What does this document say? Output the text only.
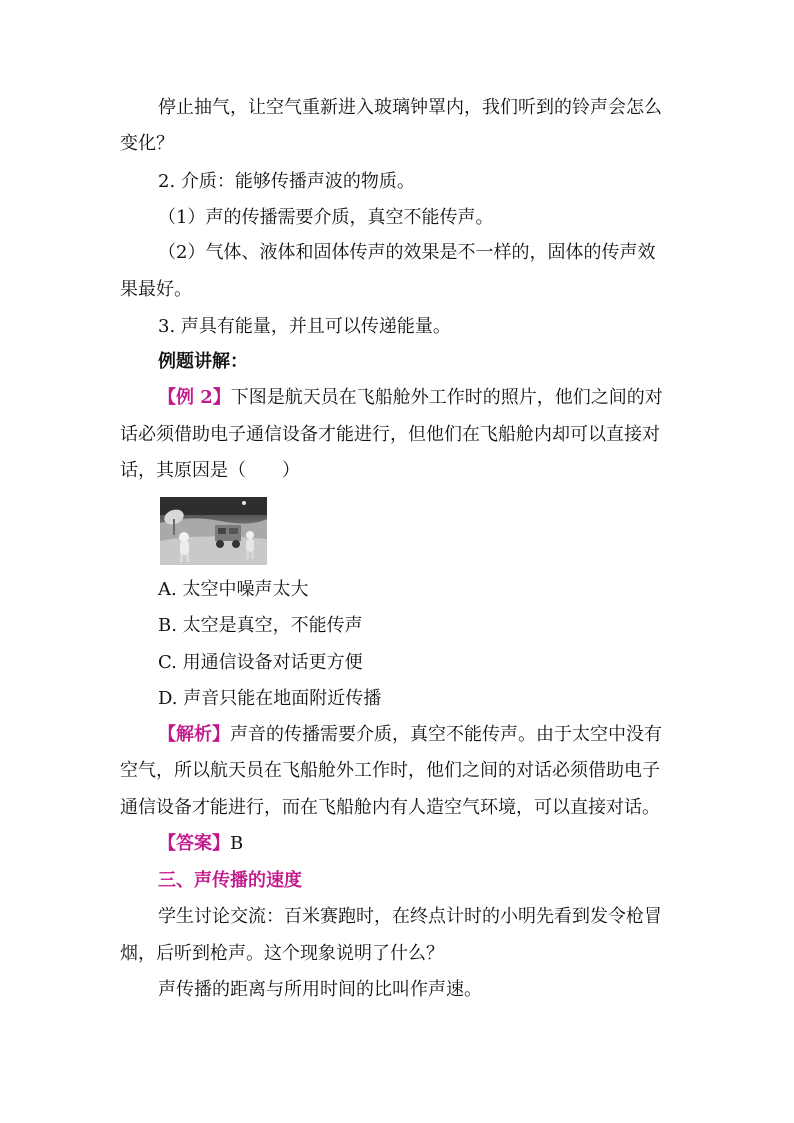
停止抽气，让空气重新进入玻璃钟罩内，我们听到的铃声会怎么
变化？
2. 介质：能够传播声波的物质。
（1）声的传播需要介质，真空不能传声。
（2）气体、液体和固体传声的效果是不一样的，固体的传声效
果最好。
3. 声具有能量，并且可以传递能量。
例题讲解：
【例 2】下图是航天员在飞船舱外工作时的照片，他们之间的对
话必须借助电子通信设备才能进行，但他们在飞船舱内却可以直接对
话，其原因是（　　）
A. 太空中噪声太大
B. 太空是真空，不能传声
C. 用通信设备对话更方便
D. 声音只能在地面附近传播
【解析】声音的传播需要介质，真空不能传声。由于太空中没有
空气，所以航天员在飞船舱外工作时，他们之间的对话必须借助电子
通信设备才能进行，而在飞船舱内有人造空气环境，可以直接对话。
【答案】B
三、声传播的速度
学生讨论交流：百米赛跑时，在终点计时的小明先看到发令枪冒
烟，后听到枪声。这个现象说明了什么？
声传播的距离与所用时间的比叫作声速。
